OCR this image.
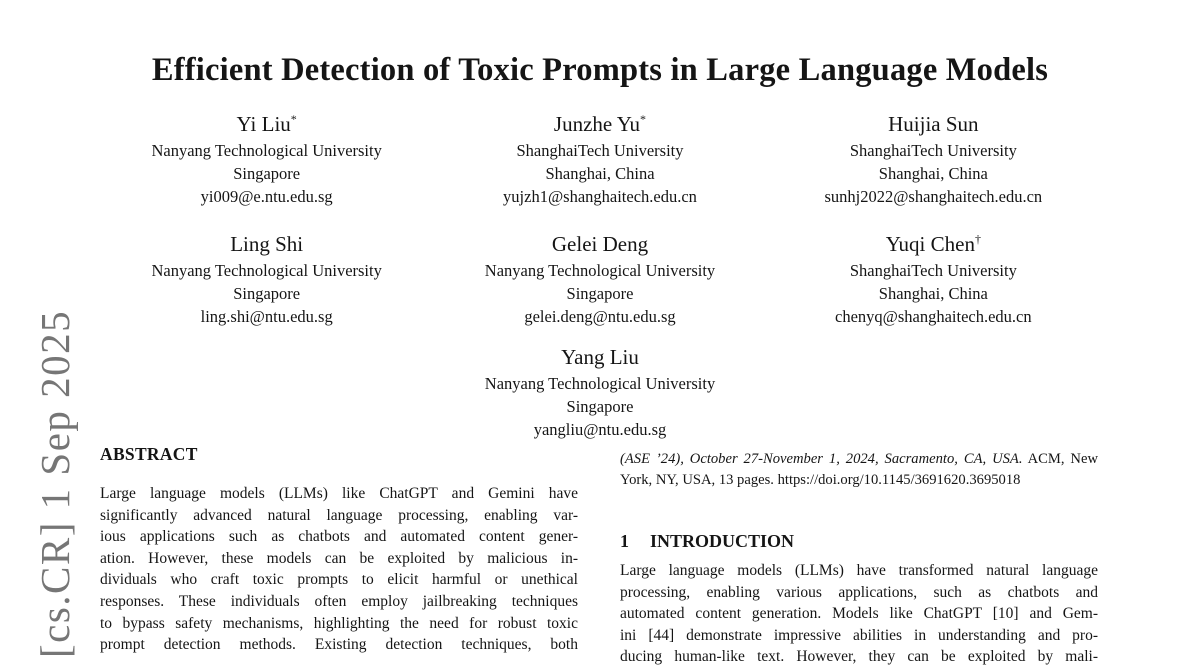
[cs.CR] 1 Sep 2025
Efficient Detection of Toxic Prompts in Large Language Models
Yi Liu*
Nanyang Technological University
Singapore
yi009@e.ntu.edu.sg
Junzhe Yu*
ShanghaiTech University
Shanghai, China
yujzh1@shanghaitech.edu.cn
Huijia Sun
ShanghaiTech University
Shanghai, China
sunhj2022@shanghaitech.edu.cn
Ling Shi
Nanyang Technological University
Singapore
ling.shi@ntu.edu.sg
Gelei Deng
Nanyang Technological University
Singapore
gelei.deng@ntu.edu.sg
Yuqi Chen†
ShanghaiTech University
Shanghai, China
chenyq@shanghaitech.edu.cn
Yang Liu
Nanyang Technological University
Singapore
yangliu@ntu.edu.sg
ABSTRACT
Large language models (LLMs) like ChatGPT and Gemini have
significantly advanced natural language processing, enabling var-
ious applications such as chatbots and automated content gener-
ation. However, these models can be exploited by malicious in-
dividuals who craft toxic prompts to elicit harmful or unethical
responses. These individuals often employ jailbreaking techniques
to bypass safety mechanisms, highlighting the need for robust toxic
prompt detection methods. Existing detection techniques, both
(ASE ’24), October 27-November 1, 2024, Sacramento, CA, USA. ACM, New
York, NY, USA, 13 pages. https://doi.org/10.1145/3691620.3695018
1 INTRODUCTION
Large language models (LLMs) have transformed natural language
processing, enabling various applications, such as chatbots and
automated content generation. Models like ChatGPT [10] and Gem-
ini [44] demonstrate impressive abilities in understanding and pro-
ducing human-like text. However, they can be exploited by mali-
